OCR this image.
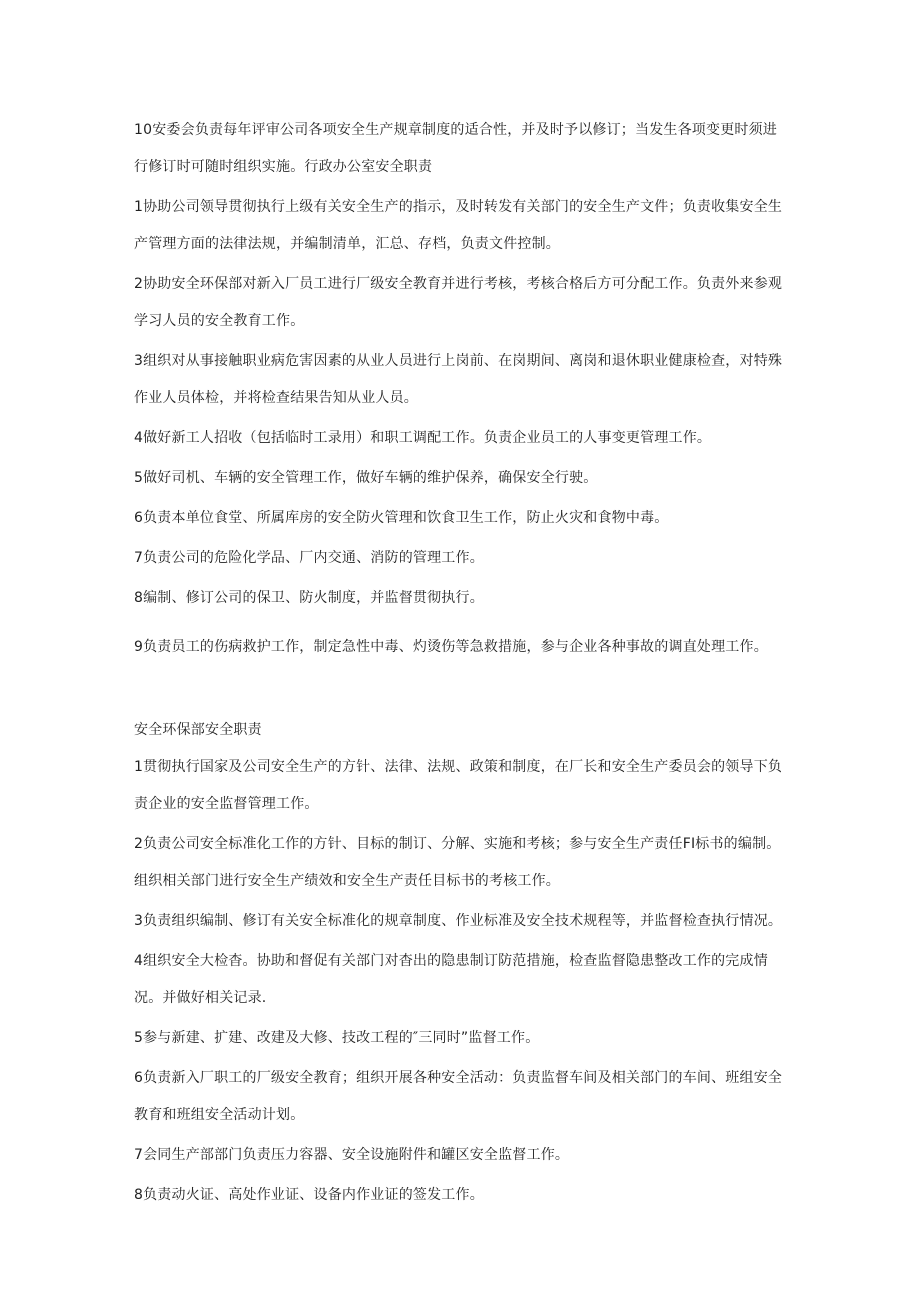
10安委会负责每年评审公司各项安全生产规章制度的适合性，并及时予以修订；当发生各项变更时须进行修订时可随时组织实施。行政办公室安全职责

1协助公司领导贯彻执行上级有关安全生产的指示，及时转发有关部门的安全生产文件；负责收集安全生产管理方面的法律法规，并编制清单，汇总、存档，负责文件控制。

2协助安全环保部对新入厂员工进行厂级安全教育并进行考核，考核合格后方可分配工作。负责外来参观学习人员的安全教育工作。

3组织对从事接触职业病危害因素的从业人员进行上岗前、在岗期间、离岗和退休职业健康检查，对特殊作业人员体检，并将检查结果告知从业人员。

4做好新工人招收（包括临时工录用）和职工调配工作。负责企业员工的人事变更管理工作。

5做好司机、车辆的安全管理工作，做好车辆的维护保养，确保安全行驶。

6负责本单位食堂、所属库房的安全防火管理和饮食卫生工作，防止火灾和食物中毒。

7负责公司的危险化学品、厂内交通、消防的管理工作。

8编制、修订公司的保卫、防火制度，并监督贯彻执行。

9负责员工的伤病救护工作，制定急性中毒、灼烫伤等急救措施，参与企业各种事故的调直处理工作。

安全环保部安全职责

1贯彻执行国家及公司安全生产的方针、法律、法规、政策和制度，在厂长和安全生产委员会的领导下负责企业的安全监督管理工作。

2负责公司安全标准化工作的方针、目标的制订、分解、实施和考核；参与安全生产责任FI标书的编制。组织相关部门进行安全生产绩效和安全生产责任目标书的考核工作。

3负责组织编制、修订有关安全标准化的规章制度、作业标准及安全技术规程等，并监督检查执行情况。

4组织安全大检杳。协助和督促有关部门对杳出的隐患制订防范措施，检查监督隐患整改工作的完成情况。并做好相关记录.

5参与新建、扩建、改建及大修、技改工程的″三同时”监督工作。

6负责新入厂职工的厂级安全教育；组织开展各种安全活动：负责监督车间及相关部门的车间、班组安全教育和班组安全活动计划。

7会同生产部部门负责压力容器、安全设施附件和罐区安全监督工作。

8负责动火证、高处作业证、设备内作业证的签发工作。
